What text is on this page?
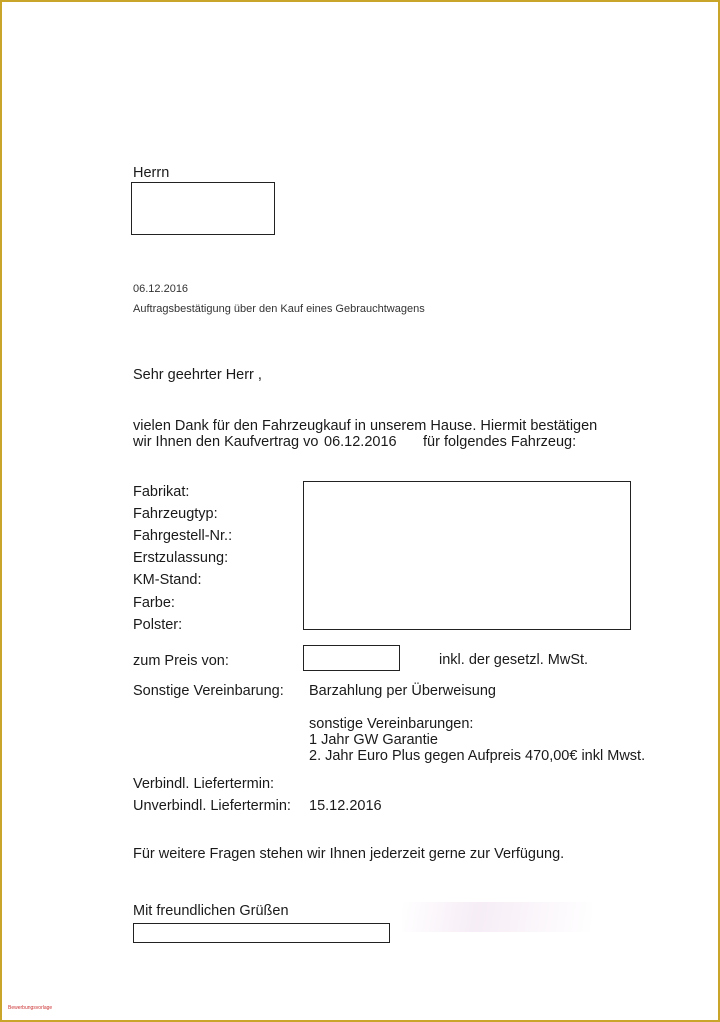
Herrn
06.12.2016
Auftragsbestätigung über den Kauf eines Gebrauchtwagens
Sehr geehrter Herr ,
vielen Dank für den Fahrzeugkauf in unserem Hause. Hiermit bestätigen
wir Ihnen den Kaufvertrag vo 06.12.2016 für folgendes Fahrzeug:
Fabrikat:
Fahrzeugtyp:
Fahrgestell-Nr.:
Erstzulassung:
KM-Stand:
Farbe:
Polster:
zum Preis von:	inkl. der gesetzl. MwSt.
Sonstige Vereinbarung: Barzahlung per Überweisung
sonstige Vereinbarungen:
1 Jahr GW Garantie
2. Jahr Euro Plus gegen Aufpreis 470,00€ inkl Mwst.
Verbindl. Liefertermin:
Unverbindl. Liefertermin: 15.12.2016
Für weitere Fragen stehen wir Ihnen jederzeit gerne zur Verfügung.
Mit freundlichen Grüßen
Bewerbungsvorlage
